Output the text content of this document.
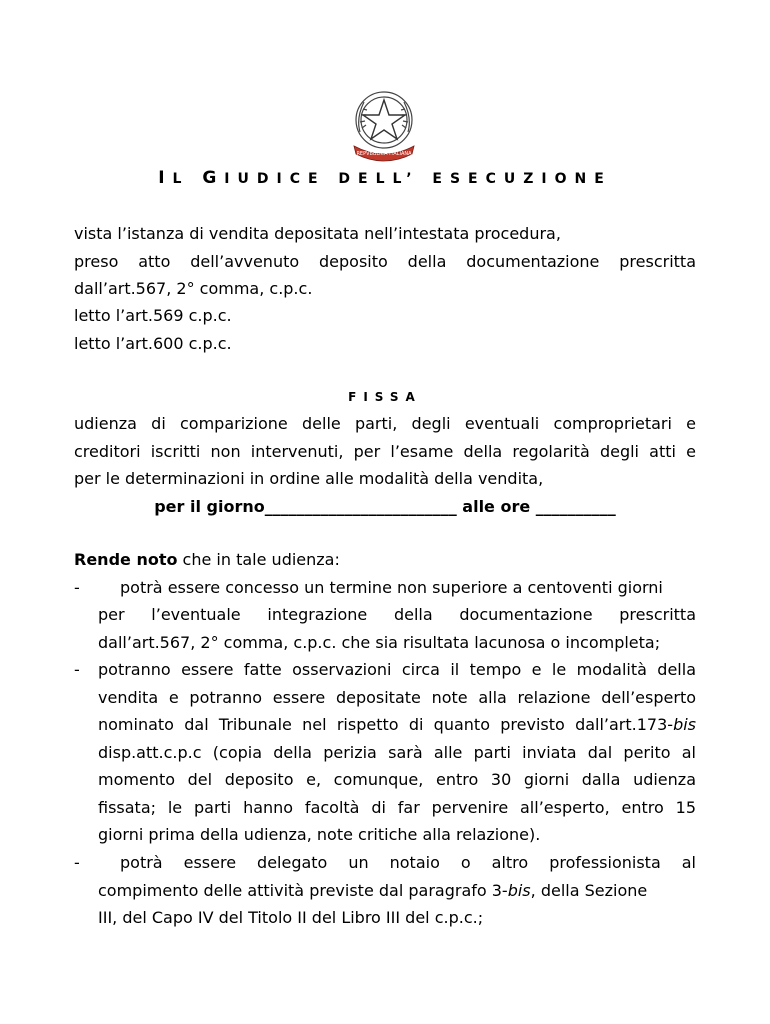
REPVBBLICA ITALIANA
IL GIUDICE DELL’ ESECUZIONE
vista l’istanza di vendita depositata nell’intestata procedura,
preso atto dell’avvenuto deposito della documentazione prescritta
dall’art.567, 2° comma, c.p.c.
letto l’art.569 c.p.c.
letto l’art.600 c.p.c.
FISSA
udienza di comparizione delle parti, degli eventuali comproprietari e
creditori iscritti non intervenuti, per l’esame della regolarità degli atti e
per le determinazioni in ordine alle modalità della vendita,
per il giorno________________________ alle ore __________
Rende noto che in tale udienza:
-	potrà essere concesso un termine non superiore a centoventi giorni
per l’eventuale integrazione della documentazione prescritta
dall’art.567, 2° comma, c.p.c. che sia risultata lacunosa o incompleta;
- potranno essere fatte osservazioni circa il tempo e le modalità della
vendita e potranno essere depositate note alla relazione dell’esperto
nominato dal Tribunale nel rispetto di quanto previsto dall’art.173-bis
disp.att.c.p.c (copia della perizia sarà alle parti inviata dal perito al
momento del deposito e, comunque, entro 30 giorni dalla udienza
fissata; le parti hanno facoltà di far pervenire all’esperto, entro 15
giorni prima della udienza, note critiche alla relazione).
-	potrà essere delegato un notaio o altro professionista al
compimento delle attività previste dal paragrafo 3-bis, della Sezione
III, del Capo IV del Titolo II del Libro III del c.p.c.;
